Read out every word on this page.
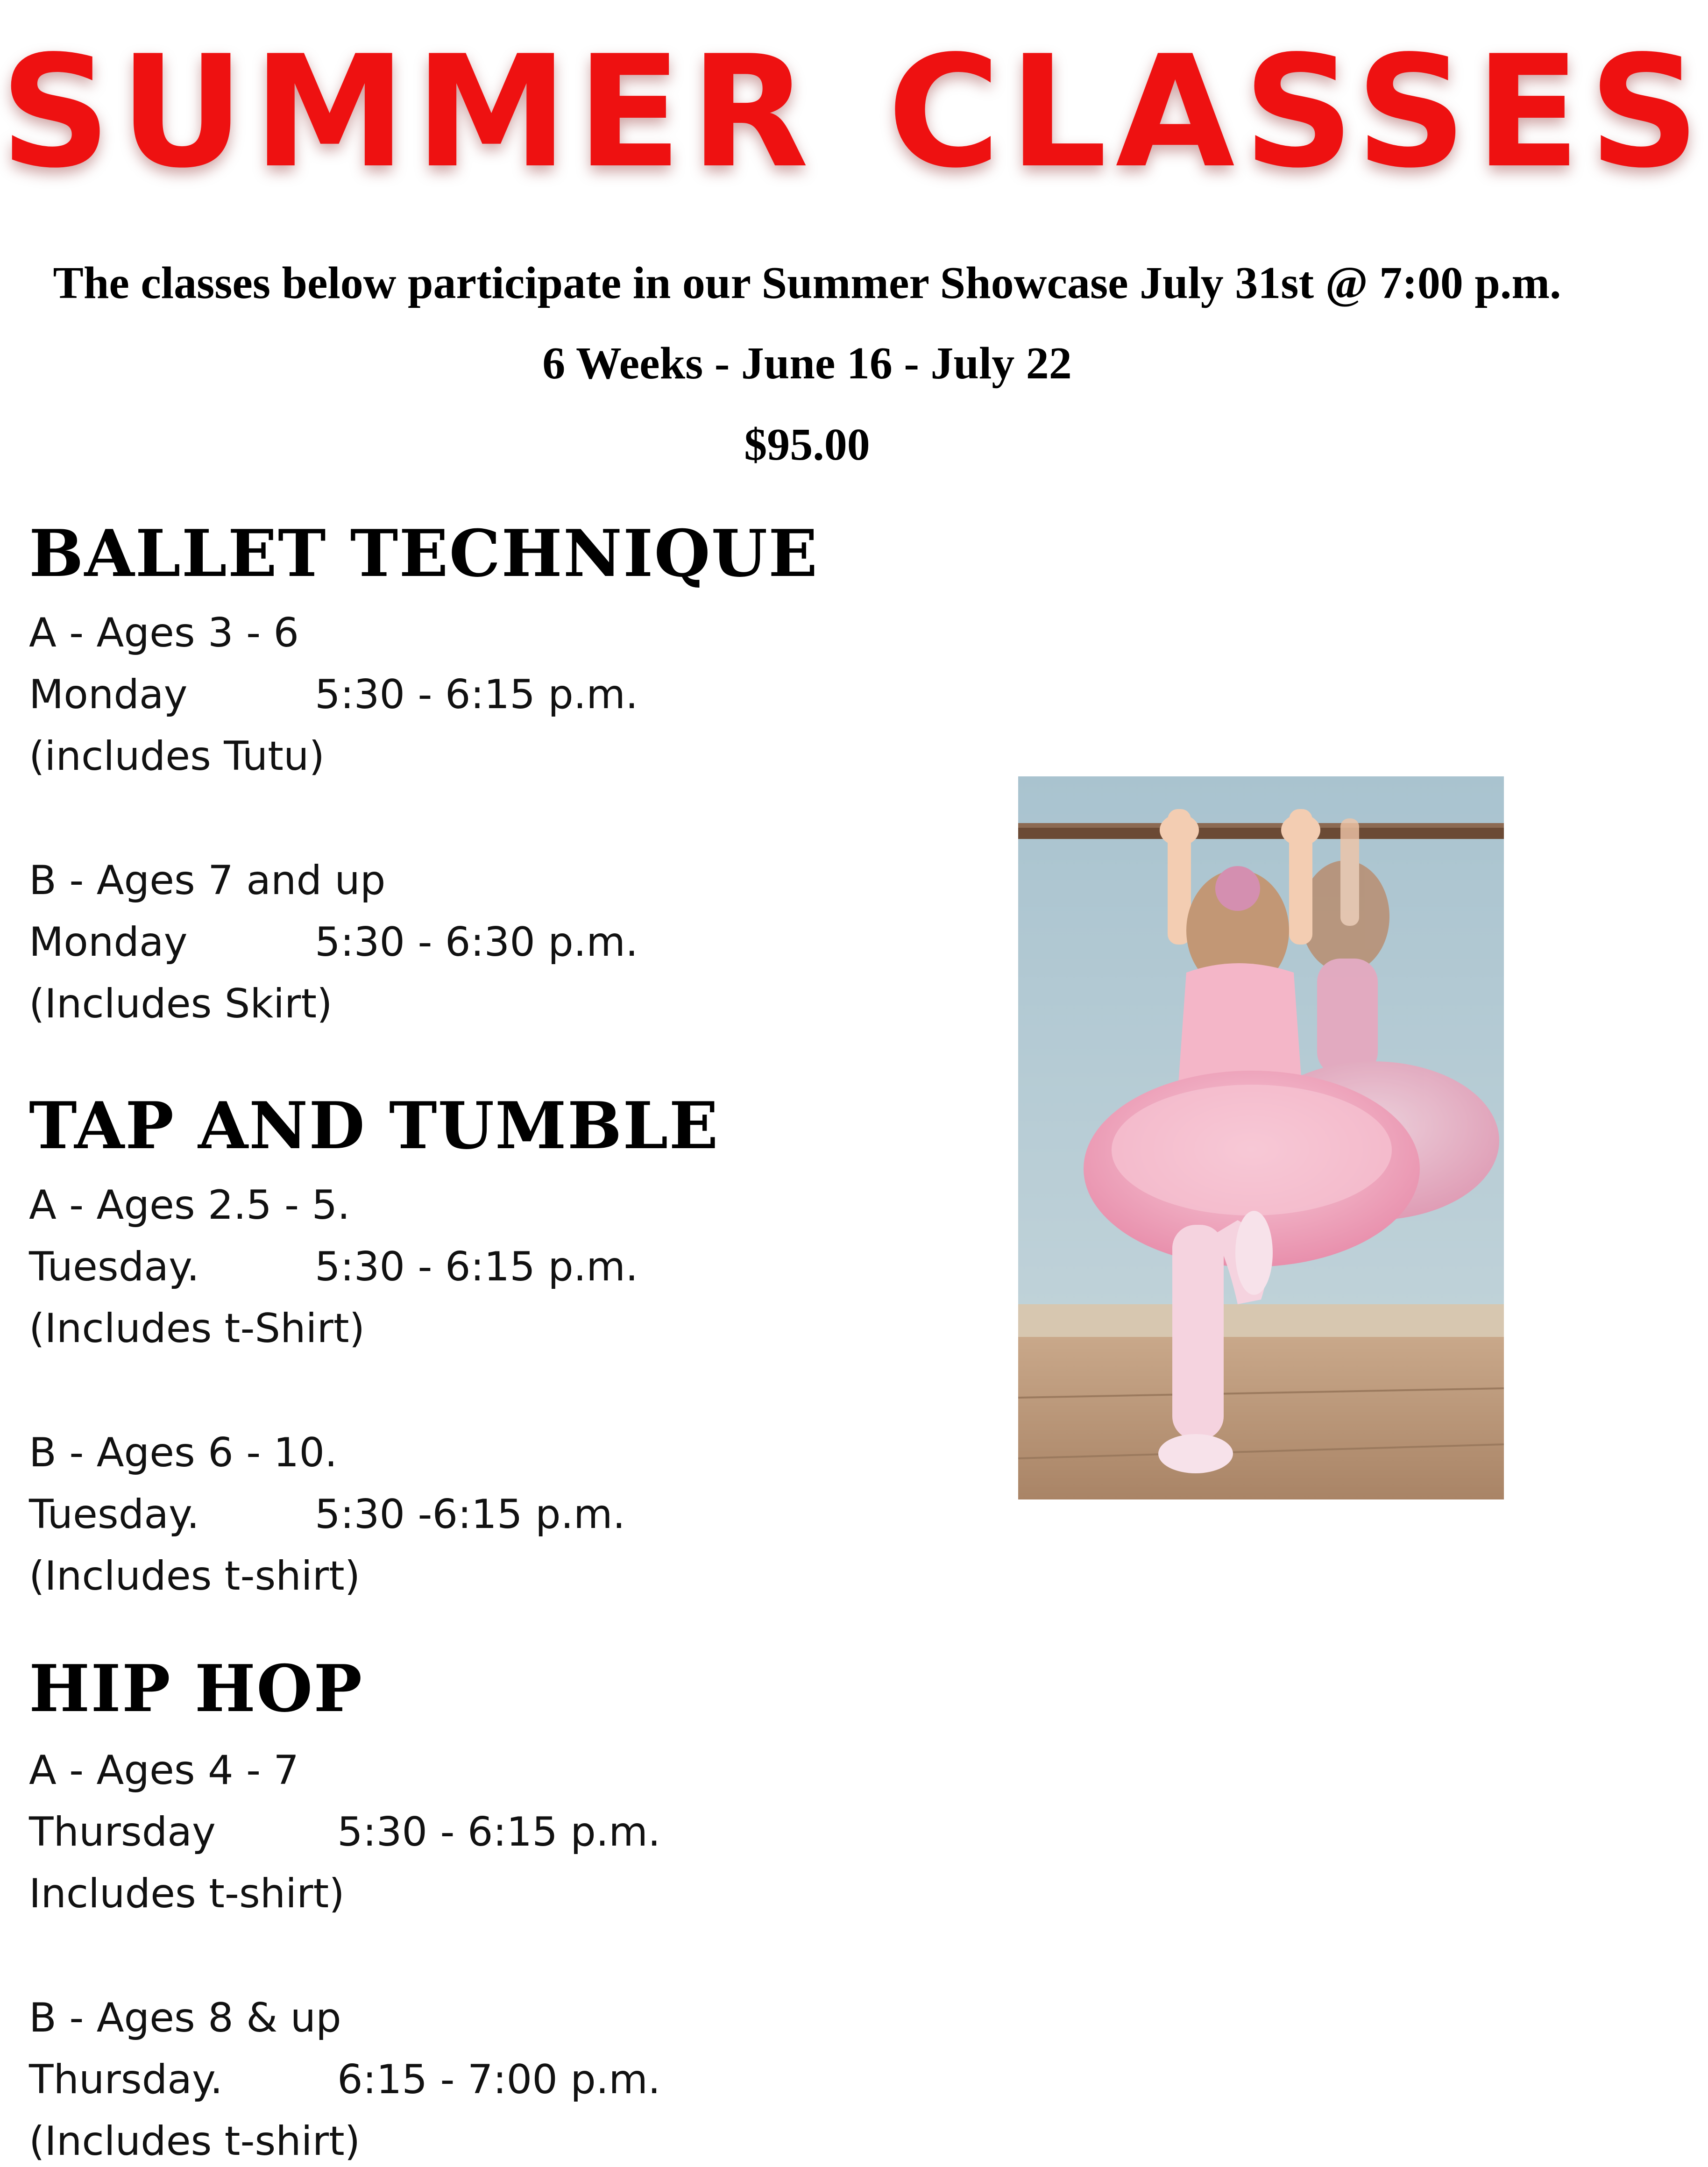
SUMMER CLASSES
The classes below participate in our Summer Showcase July 31st @ 7:00 p.m.
6 Weeks - June 16 - July 22
$95.00
BALLET TECHNIQUE
A - Ages 3 - 6
Monday	5:30 - 6:15 p.m.
(includes Tutu)
B - Ages 7 and up
Monday	5:30 - 6:30 p.m.
(Includes Skirt)
TAP AND TUMBLE
A - Ages 2.5 - 5.
Tuesday.	5:30 - 6:15 p.m.
(Includes t-Shirt)
B - Ages 6 - 10.
Tuesday.	5:30 -6:15 p.m.
(Includes t-shirt)
HIP HOP
A - Ages 4 - 7
Thursday	5:30 - 6:15 p.m.
Includes t-shirt)
B - Ages 8 & up
Thursday.	6:15 - 7:00 p.m.
(Includes t-shirt)
